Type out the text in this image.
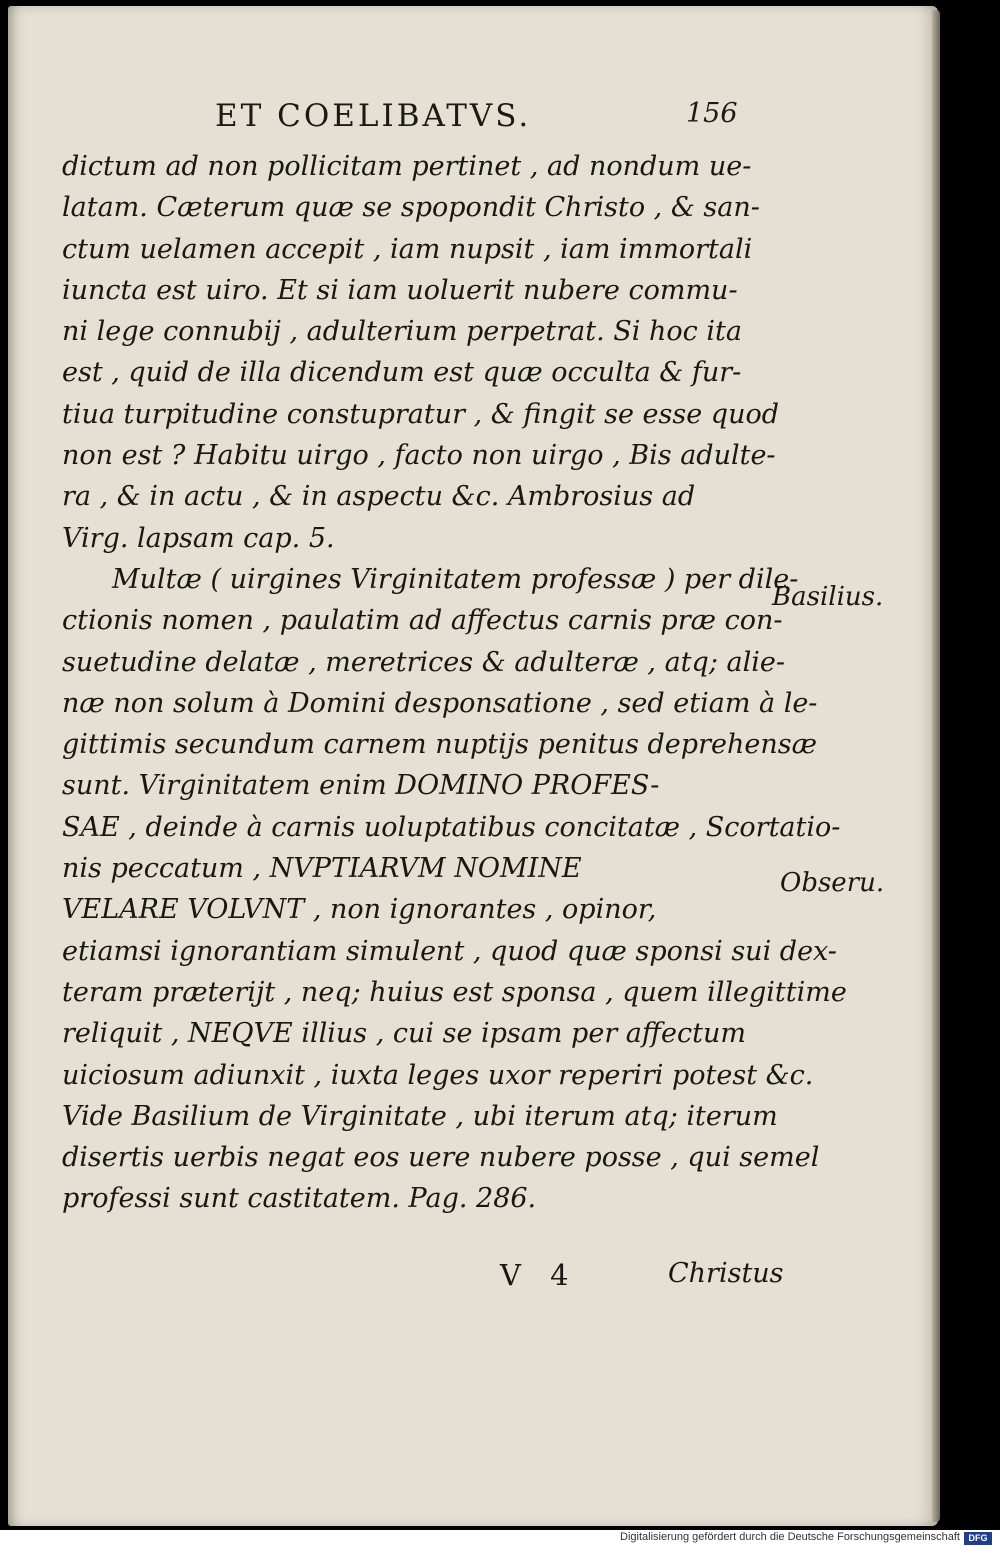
ET COELIBATVS.	156
dictum ad non pollicitam pertinet , ad nondum ue-
latam. Cæterum quæ se spopondit Christo , & san-
ctum uelamen accepit , iam nupsit , iam immortali
iuncta est uiro. Et si iam uoluerit nubere commu-
ni lege connubij , adulterium perpetrat. Si hoc ita
est , quid de illa dicendum est quæ occulta & fur-
tiua turpitudine constupratur , & fingit se esse quod
non est ? Habitu uirgo , facto non uirgo , Bis adulte-
ra , & in actu , & in aspectu &c. Ambrosius ad
Virg. lapsam cap. 5.
Multæ ( uirgines Virginitatem professæ ) per dile-
ctionis nomen , paulatim ad affectus carnis præ con-
suetudine delatæ , meretrices & adulteræ , atq; alie-
næ non solum à Domini desponsatione , sed etiam à le-
gittimis secundum carnem nuptijs penitus deprehensæ
sunt. Virginitatem enim DOMINO PROFES-
SAE , deinde à carnis uoluptatibus concitatæ , Scortatio-
nis peccatum , NVPTIARVM NOMINE
VELARE VOLVNT , non ignorantes , opinor,
etiamsi ignorantiam simulent , quod quæ sponsi sui dex-
teram præterijt , neq; huius est sponsa , quem illegittime
reliquit , NEQVE illius , cui se ipsam per affectum
uiciosum adiunxit , iuxta leges uxor reperiri potest &c.
Vide Basilium de Virginitate , ubi iterum atq; iterum
disertis uerbis negat eos uere nubere posse , qui semel
professi sunt castitatem. Pag. 286.
Basilius.
Obseru.
V 4	Christus
Digitalisierung gefördert durch die Deutsche Forschungsgemeinschaft DFG
